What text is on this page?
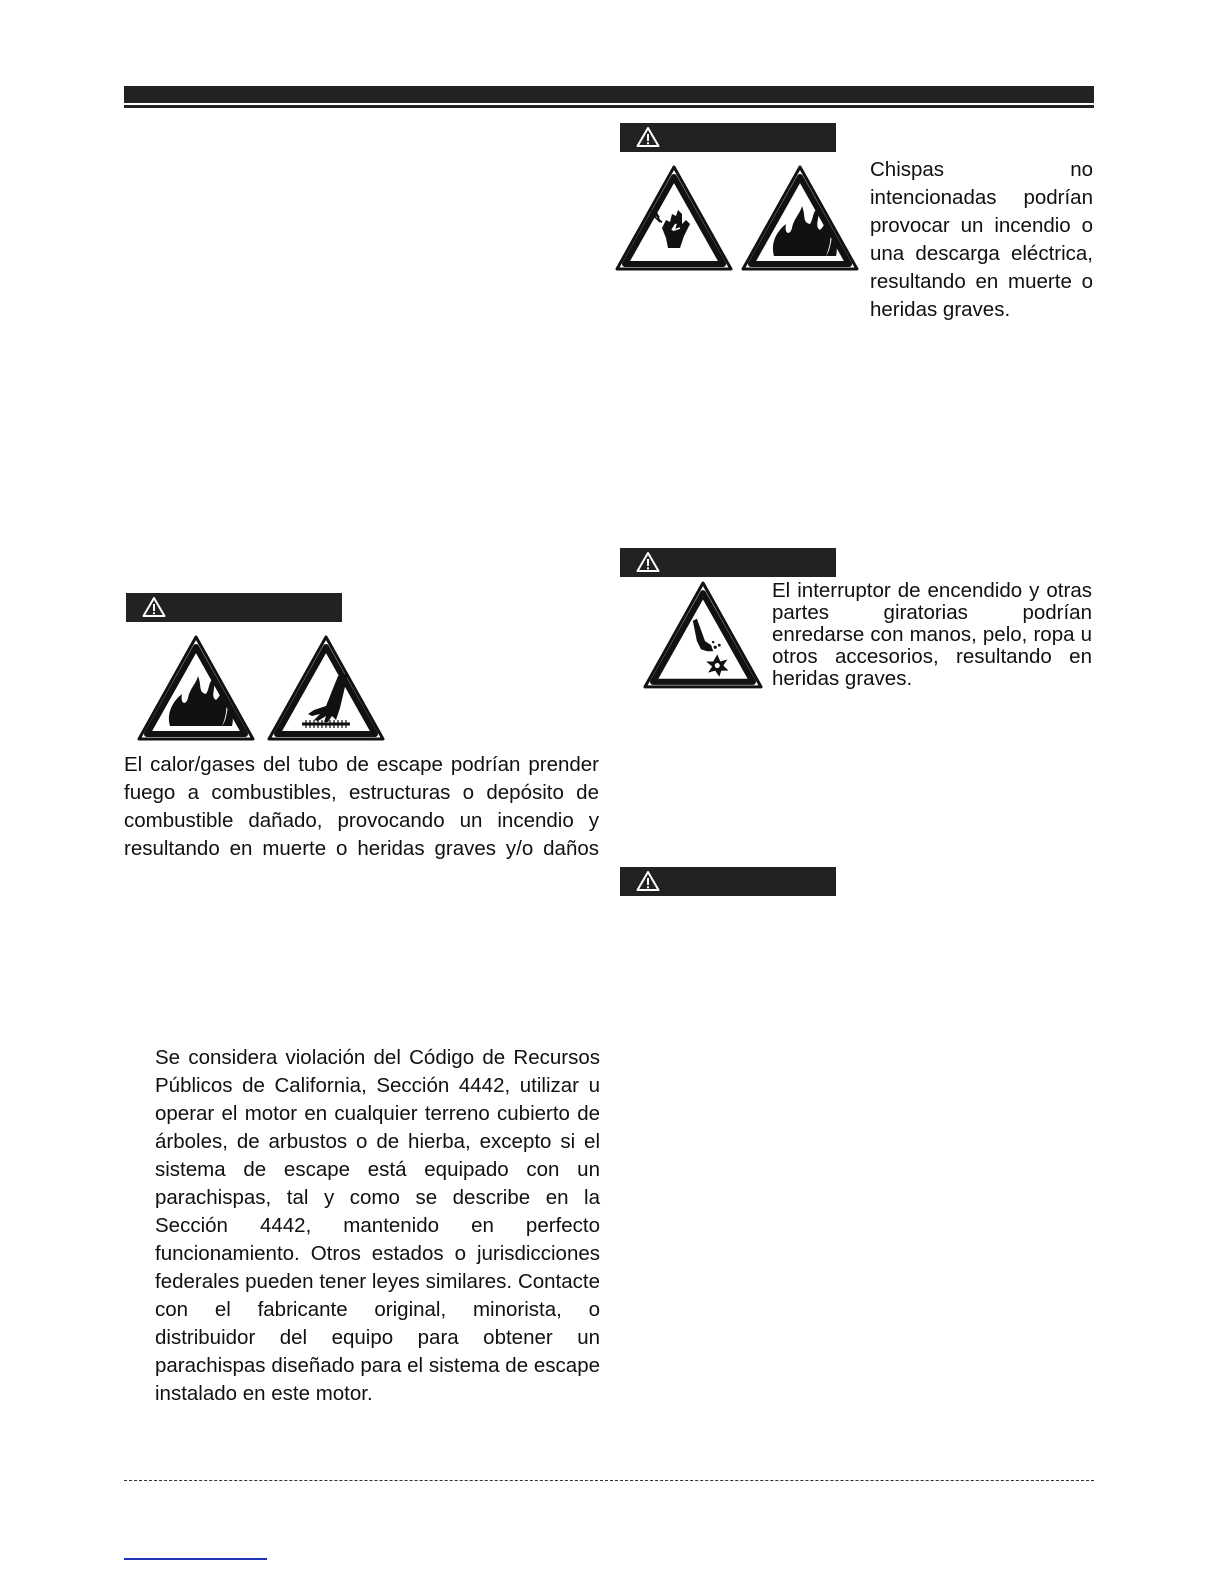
El calor/gases del tubo de escape podrían prender fuego a combustibles, estructuras o depósito de combustible dañado, provocando un incendio y resultando en muerte o heridas graves y/o daños
Se considera violación del Código de Recursos Públicos de California, Sección 4442, utilizar u operar el motor en cualquier terreno cubierto de árboles, de arbustos o de hierba, excepto si el sistema de escape está equipado con un parachispas, tal y como se describe en la Sección 4442, mantenido en perfecto funcionamiento. Otros estados o jurisdicciones federales pueden tener leyes similares. Contacte con el fabricante original, minorista, o distribuidor del equipo para obtener un parachispas diseñado para el sistema de escape instalado en este motor.
Chispas no intencionadas podrían provocar un incendio o una descarga eléctrica, resultando en muerte o heridas graves.
El interruptor de encendido y otras partes giratorias podrían enredarse con manos, pelo, ropa u otros accesorios, resultando en heridas graves.
